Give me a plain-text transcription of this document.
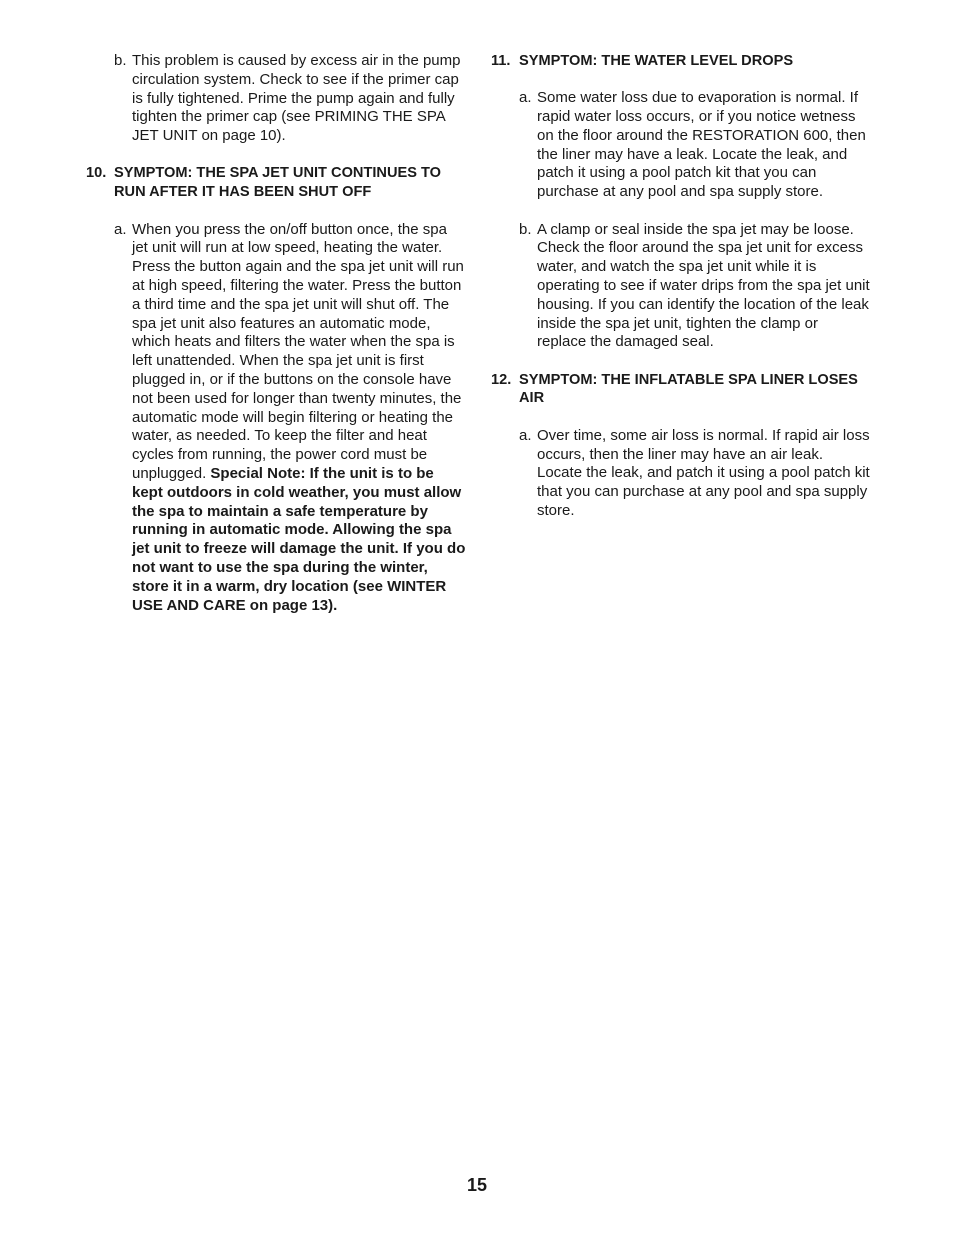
b. This problem is caused by excess air in the pump circulation system. Check to see if the primer cap is fully tightened. Prime the pump again and fully tighten the primer cap (see PRIMING THE SPA JET UNIT on page 10).
10. SYMPTOM: THE SPA JET UNIT CONTINUES TO RUN AFTER IT HAS BEEN SHUT OFF
a. When you press the on/off button once, the spa jet unit will run at low speed, heating the water. Press the button again and the spa jet unit will run at high speed, filtering the water. Press the button a third time and the spa jet unit will shut off. The spa jet unit also features an automatic mode, which heats and filters the water when the spa is left unattended. When the spa jet unit is first plugged in, or if the buttons on the console have not been used for longer than twenty minutes, the automatic mode will begin filtering or heating the water, as needed. To keep the filter and heat cycles from running, the power cord must be unplugged. Special Note: If the unit is to be kept outdoors in cold weather, you must allow the spa to maintain a safe temperature by running in automatic mode. Allowing the spa jet unit to freeze will damage the unit. If you do not want to use the spa during the winter, store it in a warm, dry location (see WINTER USE AND CARE on page 13).
11. SYMPTOM: THE WATER LEVEL DROPS
a. Some water loss due to evaporation is normal. If rapid water loss occurs, or if you notice wetness on the floor around the RESTORATION 600, then the liner may have a leak. Locate the leak, and patch it using a pool patch kit that you can purchase at any pool and spa supply store.
b. A clamp or seal inside the spa jet may be loose. Check the floor around the spa jet unit for excess water, and watch the spa jet unit while it is operating to see if water drips from the spa jet unit housing. If you can identify the location of the leak inside the spa jet unit, tighten the clamp or replace the damaged seal.
12. SYMPTOM: THE INFLATABLE SPA LINER LOSES AIR
a. Over time, some air loss is normal. If rapid air loss occurs, then the liner may have an air leak. Locate the leak, and patch it using a pool patch kit that you can purchase at any pool and spa supply store.
15
